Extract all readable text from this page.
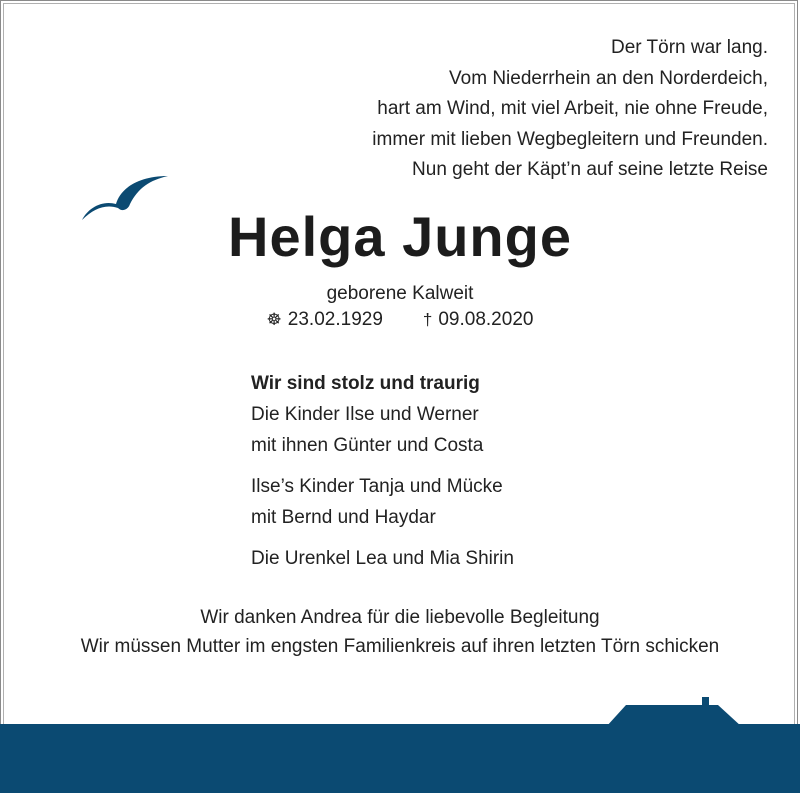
Der Törn war lang.
Vom Niederrhein an den Norderdeich,
hart am Wind, mit viel Arbeit, nie ohne Freude,
immer mit lieben Wegbegleitern und Freunden.
Nun geht der Käpt’n auf seine letzte Reise
Helga Junge
geborene Kalweit
☸ 23.02.1929 † 09.08.2020
Wir sind stolz und traurig
Die Kinder Ilse und Werner
mit ihnen Günter und Costa
Ilse’s Kinder Tanja und Mücke
mit Bernd und Haydar
Die Urenkel Lea und Mia Shirin
Wir danken Andrea für die liebevolle Begleitung
Wir müssen Mutter im engsten Familienkreis auf ihren letzten Törn schicken
